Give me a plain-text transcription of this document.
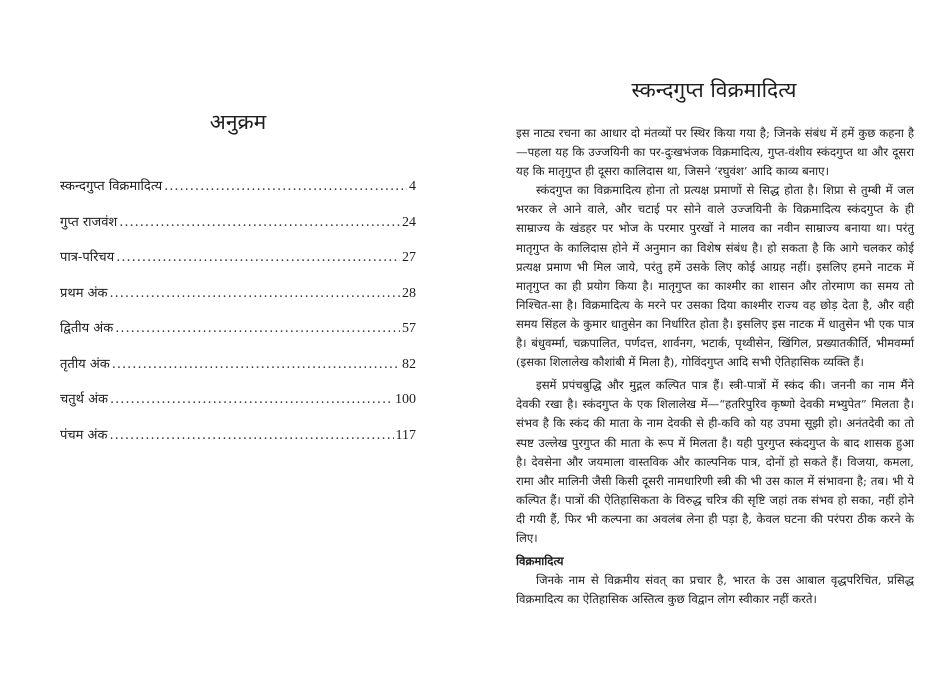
अनुक्रम
स्कन्दगुप्त विक्रमादित्य .....	4
गुप्त राजवंश .....	24
पात्र-परिचय .....	27
प्रथम अंक .....	28
द्वितीय अंक .....	57
तृतीय अंक .....	82
चतुर्थ अंक .....	100
पंचम अंक .....	117
स्कन्दगुप्त विक्रमादित्य

इस नाट्य रचना का आधार दो मंतव्यों पर स्थिर किया गया है; जिनके संबंध में हमें कुछ कहना है—पहला यह कि उज्जयिनी का पर-दुःखभंजक विक्रमादित्य, गुप्त-वंशीय स्कंदगुप्त था और दूसरा यह कि मातृगुप्त ही दूसरा कालिदास था, जिसने ‘रघुवंश’ आदि काव्य बनाए।

स्कंदगुप्त का विक्रमादित्य होना तो प्रत्यक्ष प्रमाणों से सिद्ध होता है। शिप्रा से तुम्बी में जल भरकर ले आने वाले, और चटाई पर सोने वाले उज्जयिनी के विक्रमादित्य स्कंदगुप्त के ही साम्राज्य के खंडहर पर भोज के परमार पुरखों ने मालव का नवीन साम्राज्य बनाया था। परंतु मातृगुप्त के कालिदास होने में अनुमान का विशेष संबंध है। हो सकता है कि आगे चलकर कोई प्रत्यक्ष प्रमाण भी मिल जाये, परंतु हमें उसके लिए कोई आग्रह नहीं। इसलिए हमने नाटक में मातृगुप्त का ही प्रयोग किया है। मातृगुप्त का काश्मीर का शासन और तोरमाण का समय तो निश्चित-सा है। विक्रमादित्य के मरने पर उसका दिया काश्मीर राज्य वह छोड़ देता है, और वही समय सिंहल के कुमार धातुसेन का निर्धारित होता है। इसलिए इस नाटक में धातुसेन भी एक पात्र है। बंधुवर्म्मा, चक्रपालित, पर्णदत्त, शार्वनग, भटार्क, पृथ्वीसेन, खिंगिल, प्रख्यातकीर्ति, भीमवर्म्मा (इसका शिलालेख कौशांबी में मिला है), गोविंदगुप्त आदि सभी ऐतिहासिक व्यक्ति हैं।

इसमें प्रपंचबुद्धि और मुद्गल कल्पित पात्र हैं। स्त्री-पात्रों में स्कंद की। जननी का नाम मैंने देवकी रखा है। स्कंदगुप्त के एक शिलालेख में—“हतरिपुरिव कृष्णो देवकी मभ्युपेत” मिलता है। संभव है कि स्कंद की माता के नाम देवकी से ही-कवि को यह उपमा सूझी हो। अनंतदेवी का तो स्पष्ट उल्लेख पुरगुप्त की माता के रूप में मिलता है। यही पुरगुप्त स्कंदगुप्त के बाद शासक हुआ है। देवसेना और जयमाला वास्तविक और काल्पनिक पात्र, दोनों हो सकते हैं। विजया, कमला, रामा और मालिनी जैसी किसी दूसरी नामधारिणी स्त्री की भी उस काल में संभावना है; तब। भी ये कल्पित हैं। पात्रों की ऐतिहासिकता के विरुद्ध चरित्र की सृष्टि जहां तक संभव हो सका, नहीं होने दी गयी हैं, फिर भी कल्पना का अवलंब लेना ही पड़ा है, केवल घटना की परंपरा ठीक करने के लिए।

विक्रमादित्य

जिनके नाम से विक्रमीय संवत् का प्रचार है, भारत के उस आबाल वृद्धपरिचित, प्रसिद्ध विक्रमादित्य का ऐतिहासिक अस्तित्व कुछ विद्वान लोग स्वीकार नहीं करते।
